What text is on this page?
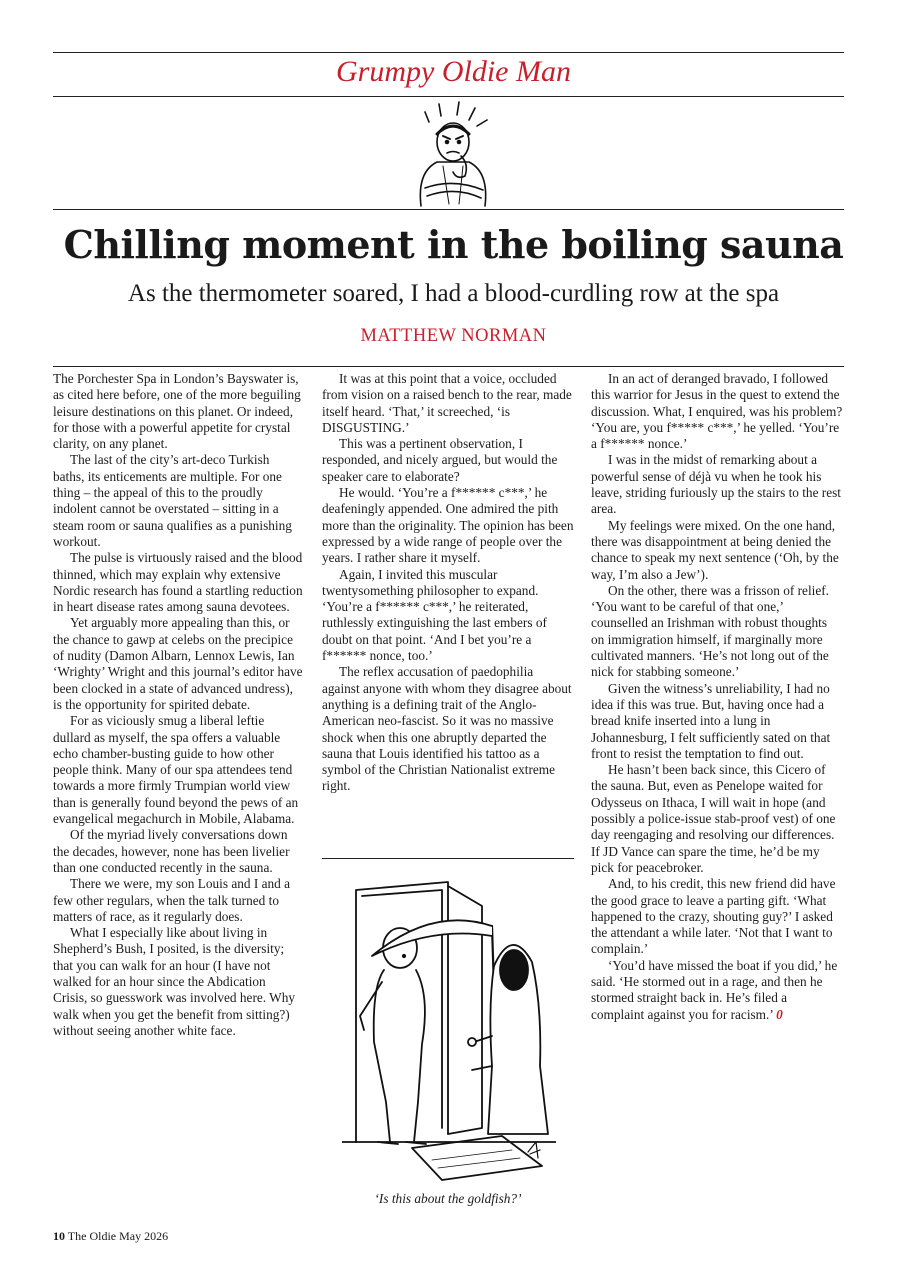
Grumpy Oldie Man
Chilling moment in the boiling sauna
As the thermometer soared, I had a blood-curdling row at the spa
MATTHEW NORMAN

The Porchester Spa in London’s Bayswater is, as cited here before, one of the more beguiling leisure destinations on this planet. Or indeed, for those with a powerful appetite for crystal clarity, on any planet.

The last of the city’s art-deco Turkish baths, its enticements are multiple. For one thing – the appeal of this to the proudly indolent cannot be overstated – sitting in a steam room or sauna qualifies as a punishing workout.

The pulse is virtuously raised and the blood thinned, which may explain why extensive Nordic research has found a startling reduction in heart disease rates among sauna devotees.

Yet arguably more appealing than this, or the chance to gawp at celebs on the precipice of nudity (Damon Albarn, Lennox Lewis, Ian ‘Wrighty’ Wright and this journal’s editor have been clocked in a state of advanced undress), is the opportunity for spirited debate.

For as viciously smug a liberal leftie dullard as myself, the spa offers a valuable echo chamber-busting guide to how other people think. Many of our spa attendees tend towards a more firmly Trumpian world view than is generally found beyond the pews of an evangelical megachurch in Mobile, Alabama.

Of the myriad lively conversations down the decades, however, none has been livelier than one conducted recently in the sauna.

There we were, my son Louis and I and a few other regulars, when the talk turned to matters of race, as it regularly does.

What I especially like about living in Shepherd’s Bush, I posited, is the diversity; that you can walk for an hour (I have not walked for an hour since the Abdication Crisis, so guesswork was involved here. Why walk when you get the benefit from sitting?) without seeing another white face.

It was at this point that a voice, occluded from vision on a raised bench to the rear, made itself heard. ‘That,’ it screeched, ‘is DISGUSTING.’

This was a pertinent observation, I responded, and nicely argued, but would the speaker care to elaborate?

He would. ‘You’re a f****** c***,’ he deafeningly appended. One admired the pith more than the originality. The opinion has been expressed by a wide range of people over the years. I rather share it myself.

Again, I invited this muscular twentysomething philosopher to expand. ‘You’re a f****** c***,’ he reiterated, ruthlessly extinguishing the last embers of doubt on that point. ‘And I bet you’re a f****** nonce, too.’

The reflex accusation of paedophilia against anyone with whom they disagree about anything is a defining trait of the Anglo-American neo-fascist. So it was no massive shock when this one abruptly departed the sauna that Louis identified his tattoo as a symbol of the Christian Nationalist extreme right.

‘Is this about the goldfish?’

In an act of deranged bravado, I followed this warrior for Jesus in the quest to extend the discussion. What, I enquired, was his problem? ‘You are, you f***** c***,’ he yelled. ‘You’re a f****** nonce.’

I was in the midst of remarking about a powerful sense of déjà vu when he took his leave, striding furiously up the stairs to the rest area.

My feelings were mixed. On the one hand, there was disappointment at being denied the chance to speak my next sentence (‘Oh, by the way, I’m also a Jew’).

On the other, there was a frisson of relief. ‘You want to be careful of that one,’ counselled an Irishman with robust thoughts on immigration himself, if marginally more cultivated manners. ‘He’s not long out of the nick for stabbing someone.’

Given the witness’s unreliability, I had no idea if this was true. But, having once had a bread knife inserted into a lung in Johannesburg, I felt sufficiently sated on that front to resist the temptation to find out.

He hasn’t been back since, this Cicero of the sauna. But, even as Penelope waited for Odysseus on Ithaca, I will wait in hope (and possibly a police-issue stab-proof vest) of one day reengaging and resolving our differences. If JD Vance can spare the time, he’d be my pick for peacebroker.

And, to his credit, this new friend did have the good grace to leave a parting gift. ‘What happened to the crazy, shouting guy?’ I asked the attendant a while later. ‘Not that I want to complain.’

‘You’d have missed the boat if you did,’ he said. ‘He stormed out in a rage, and then he stormed straight back in. He’s filed a complaint against you for racism.’ 0

10 The Oldie May 2026
